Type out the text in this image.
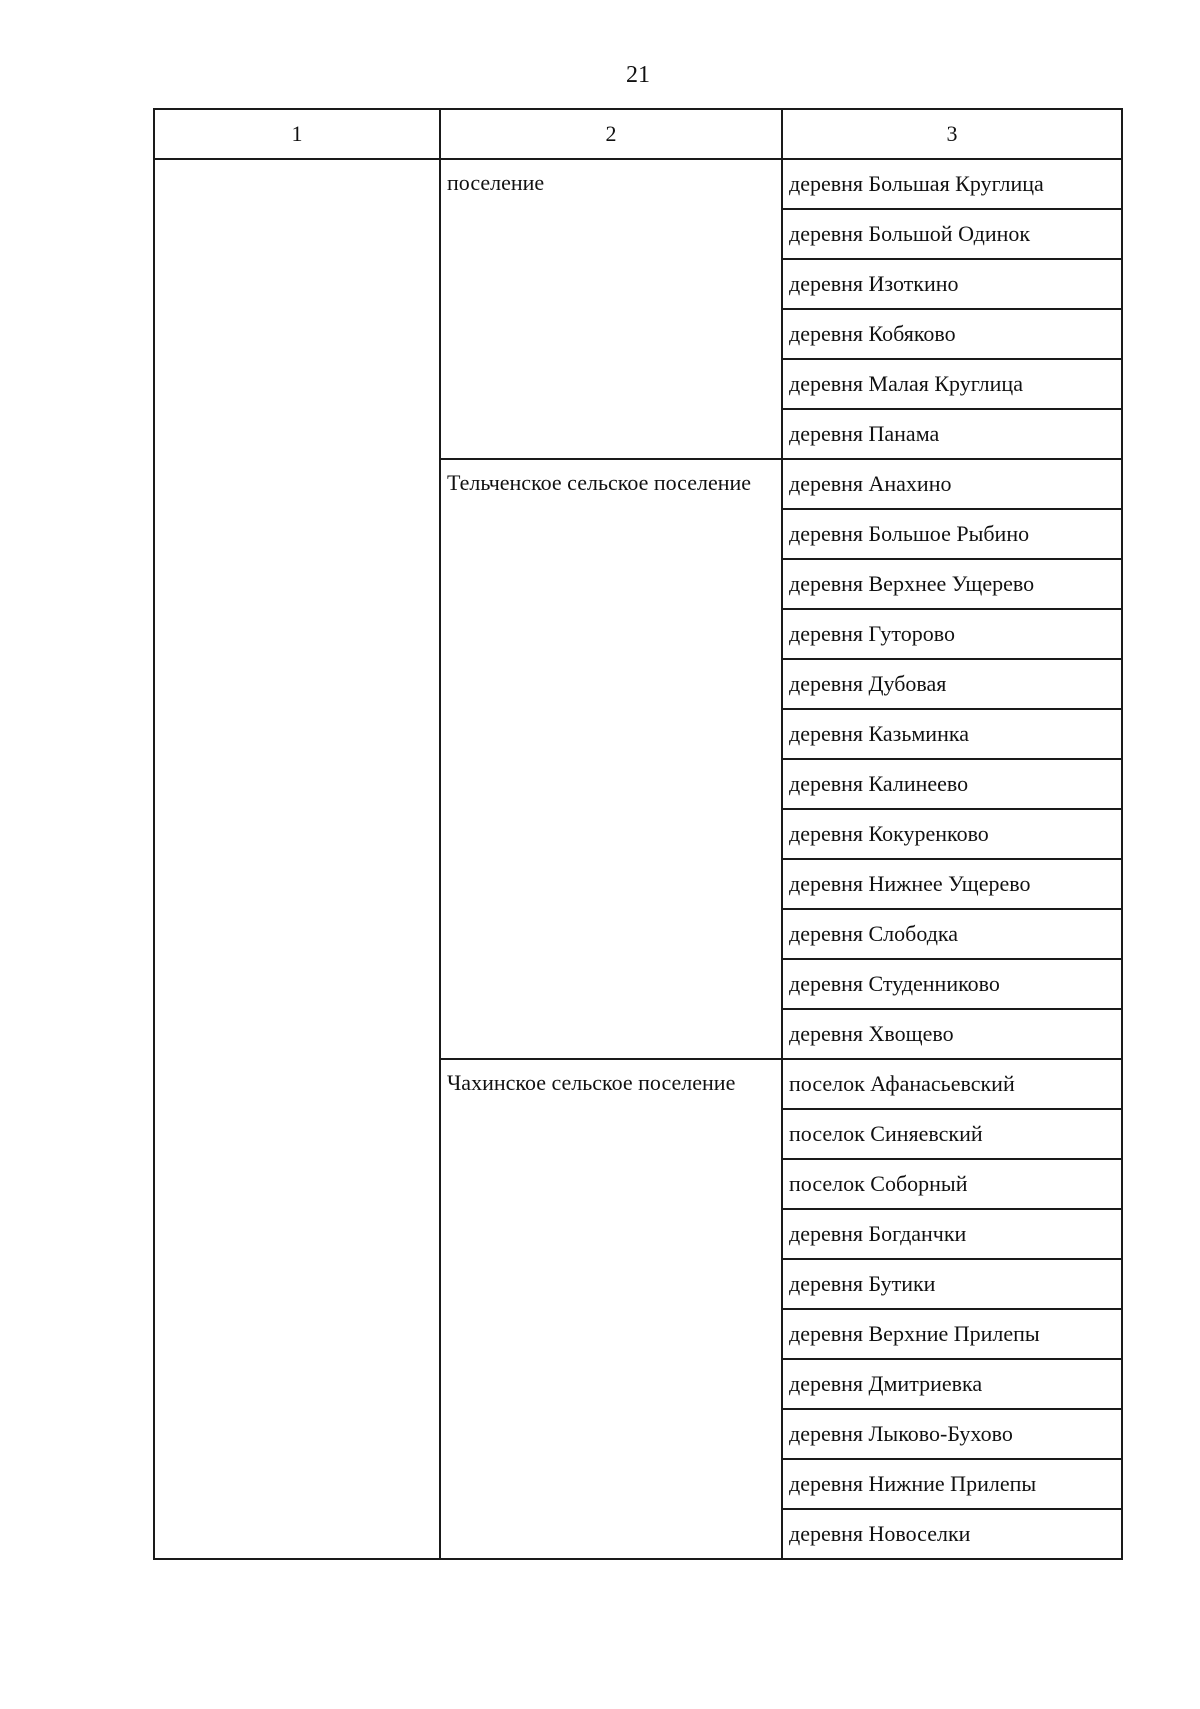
21
1	2	3
	поселение	деревня Большая Круглица
		деревня Большой Одинок
		деревня Изоткино
		деревня Кобяково
		деревня Малая Круглица
		деревня Панама
	Тельченское сельское поселение	деревня Анахино
		деревня Большое Рыбино
		деревня Верхнее Ущерево
		деревня Гуторово
		деревня Дубовая
		деревня Казьминка
		деревня Калинеево
		деревня Кокуренково
		деревня Нижнее Ущерево
		деревня Слободка
		деревня Студенниково
		деревня Хвощево
	Чахинское сельское поселение	поселок Афанасьевский
		поселок Синяевский
		поселок Соборный
		деревня Богданчки
		деревня Бутики
		деревня Верхние Прилепы
		деревня Дмитриевка
		деревня Лыково-Бухово
		деревня Нижние Прилепы
		деревня Новоселки
